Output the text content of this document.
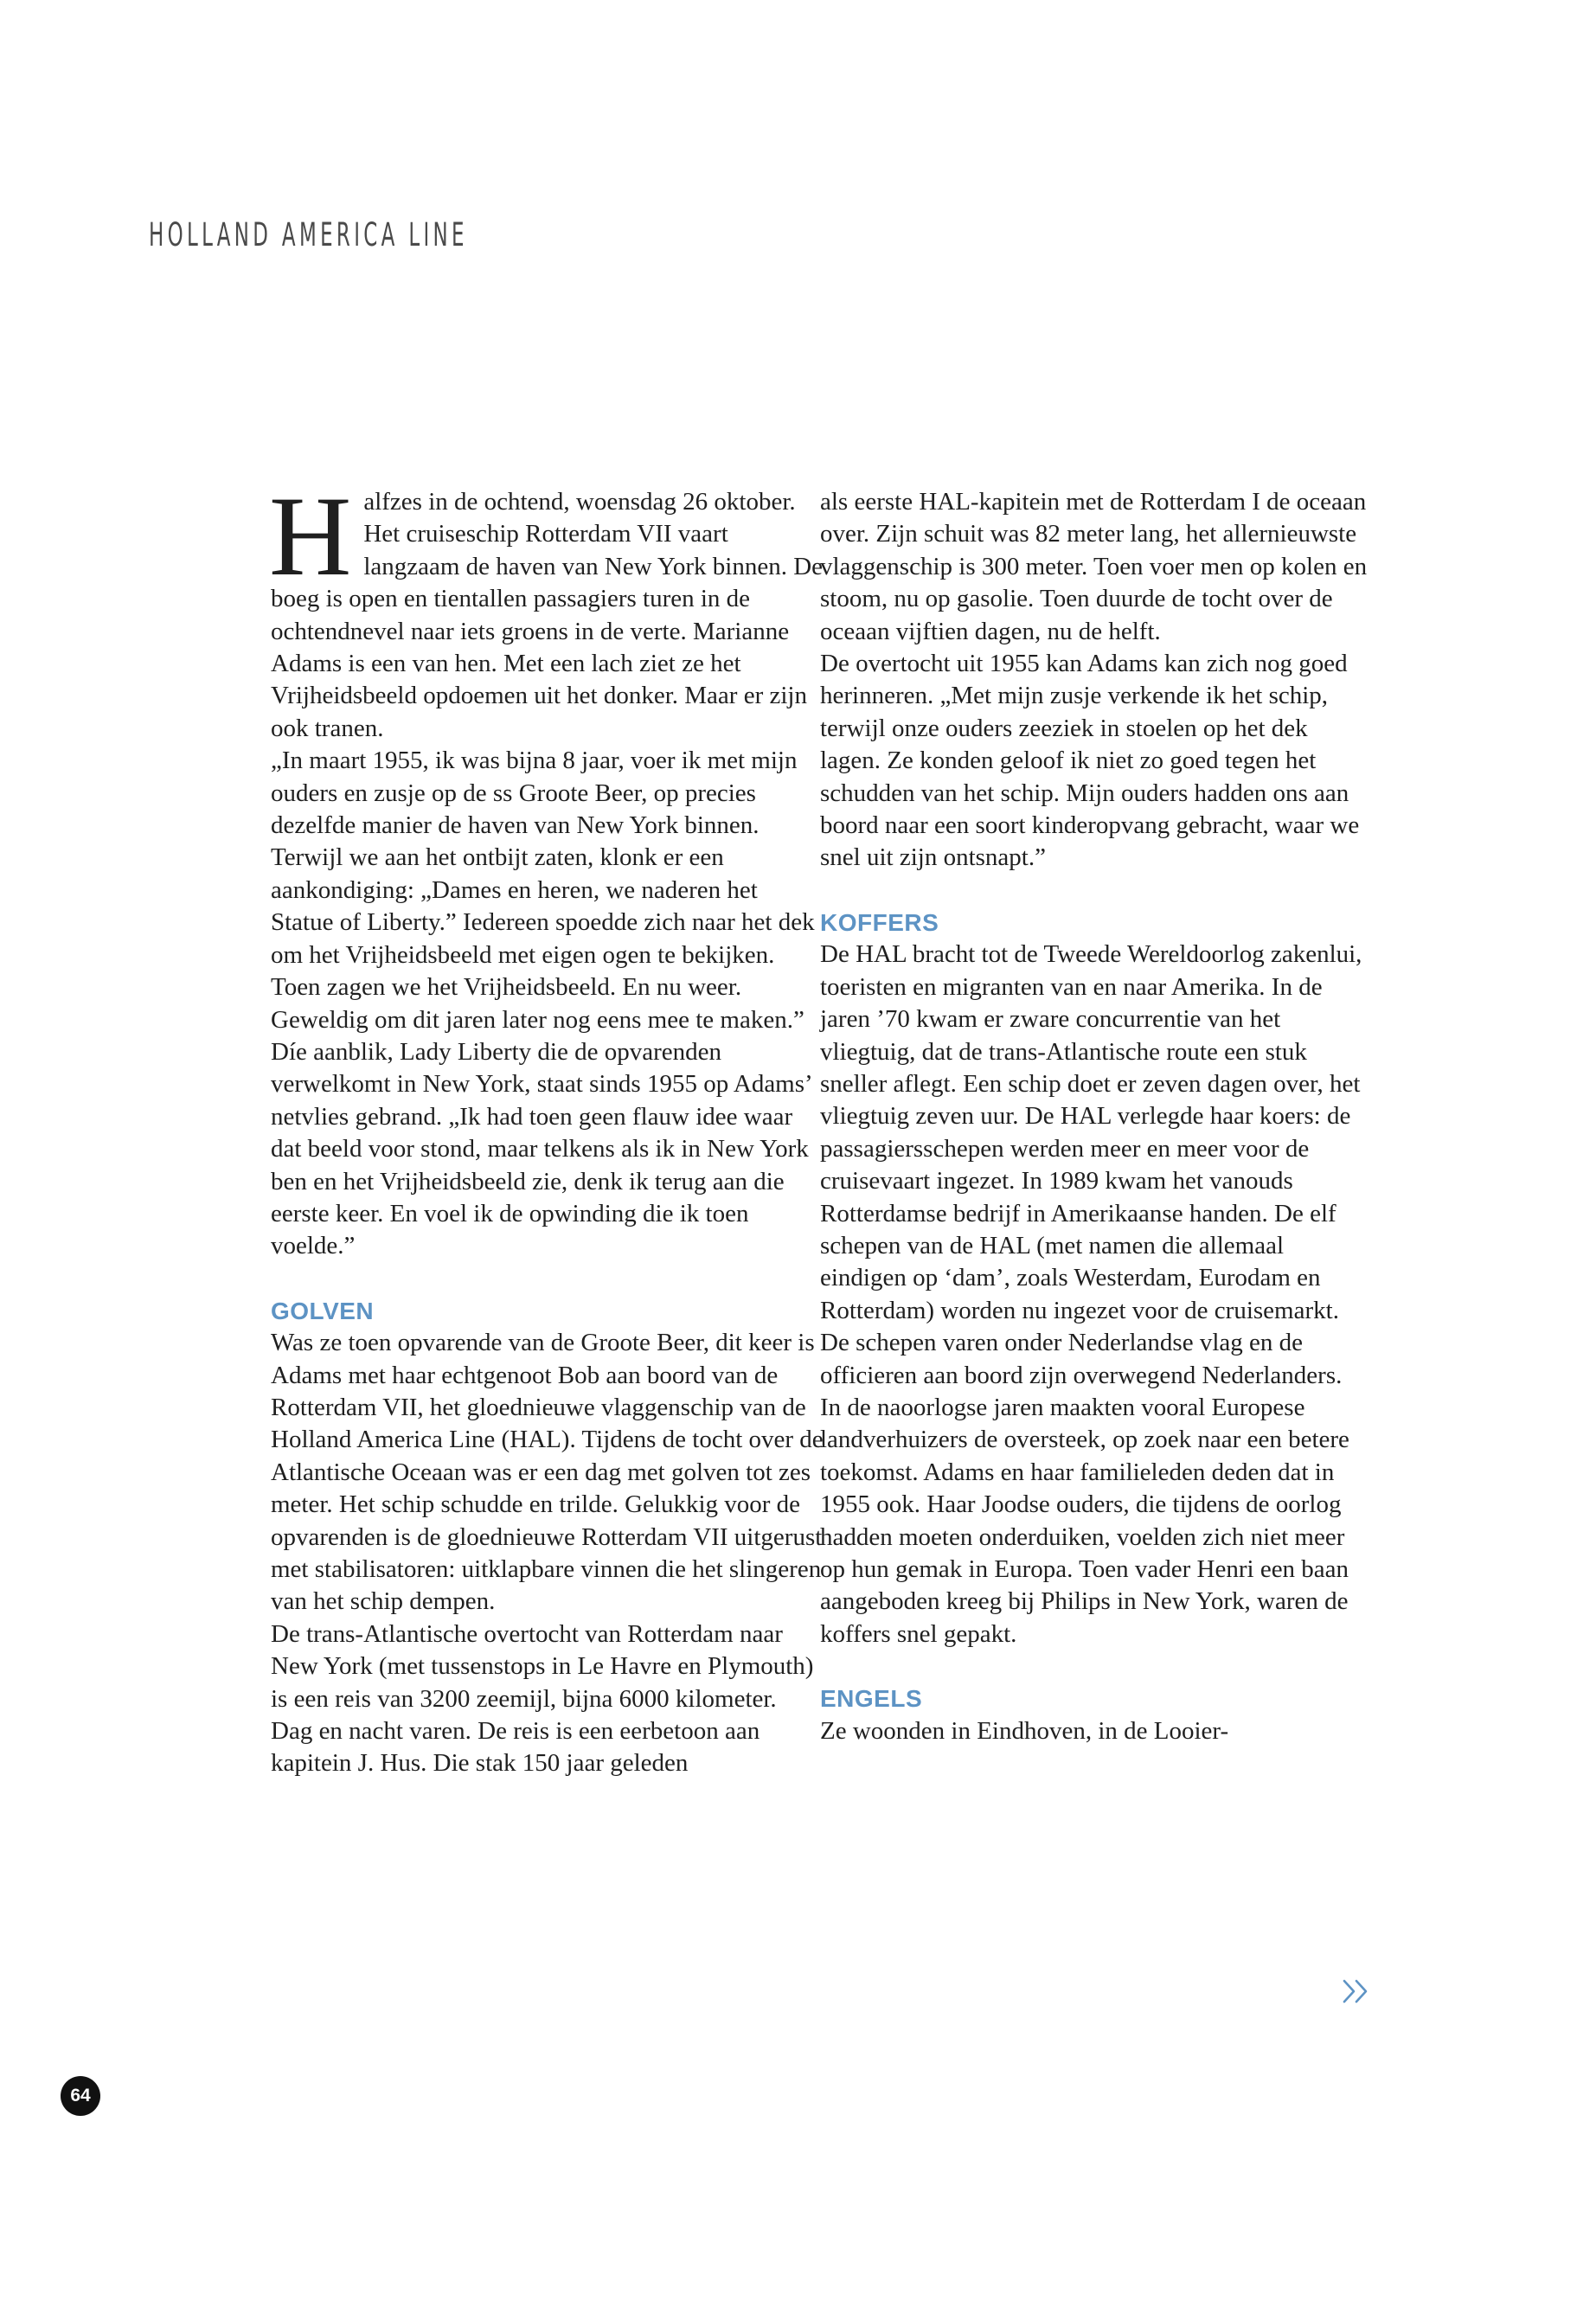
HOLLAND AMERICA LINE

Halfzes in de ochtend, woensdag 26 oktober. Het cruiseschip Rotterdam VII vaart langzaam de haven van New York binnen. De boeg is open en tientallen passagiers turen in de ochtendnevel naar iets groens in de verte. Marianne Adams is een van hen. Met een lach ziet ze het Vrijheidsbeeld opdoemen uit het donker. Maar er zijn ook tranen.

„In maart 1955, ik was bijna 8 jaar, voer ik met mijn ouders en zusje op de ss Groote Beer, op precies dezelfde manier de haven van New York binnen. Terwijl we aan het ontbijt zaten, klonk er een aankondiging: „Dames en heren, we naderen het Statue of Liberty.” Iedereen spoedde zich naar het dek om het Vrijheidsbeeld met eigen ogen te bekijken. Toen zagen we het Vrijheidsbeeld. En nu weer. Geweldig om dit jaren later nog eens mee te maken.”

Díe aanblik, Lady Liberty die de opvarenden verwelkomt in New York, staat sinds 1955 op Adams’ netvlies gebrand. „Ik had toen geen flauw idee waar dat beeld voor stond, maar telkens als ik in New York ben en het Vrijheidsbeeld zie, denk ik terug aan die eerste keer. En voel ik de opwinding die ik toen voelde.”

GOLVEN

Was ze toen opvarende van de Groote Beer, dit keer is Adams met haar echtgenoot Bob aan boord van de Rotterdam VII, het gloednieuwe vlaggenschip van de Holland America Line (HAL). Tijdens de tocht over de Atlantische Oceaan was er een dag met golven tot zes meter. Het schip schudde en trilde. Gelukkig voor de opvarenden is de gloednieuwe Rotterdam VII uitgerust met stabilisatoren: uitklapbare vinnen die het slingeren van het schip dempen.

De trans-Atlantische overtocht van Rotterdam naar New York (met tussenstops in Le Havre en Plymouth) is een reis van 3200 zeemijl, bijna 6000 kilometer. Dag en nacht varen. De reis is een eerbetoon aan kapitein J. Hus. Die stak 150 jaar geleden

als eerste HAL-kapitein met de Rotterdam I de oceaan over. Zijn schuit was 82 meter lang, het allernieuwste vlaggenschip is 300 meter. Toen voer men op kolen en stoom, nu op gasolie. Toen duurde de tocht over de oceaan vijftien dagen, nu de helft.

De overtocht uit 1955 kan Adams kan zich nog goed herinneren. „Met mijn zusje verkende ik het schip, terwijl onze ouders zeeziek in stoelen op het dek lagen. Ze konden geloof ik niet zo goed tegen het schudden van het schip. Mijn ouders hadden ons aan boord naar een soort kinderopvang gebracht, waar we snel uit zijn ontsnapt.”

KOFFERS

De HAL bracht tot de Tweede Wereldoorlog zakenlui, toeristen en migranten van en naar Amerika. In de jaren ’70 kwam er zware concurrentie van het vliegtuig, dat de trans-Atlantische route een stuk sneller aflegt. Een schip doet er zeven dagen over, het vliegtuig zeven uur. De HAL verlegde haar koers: de passagiersschepen werden meer en meer voor de cruisevaart ingezet. In 1989 kwam het vanouds Rotterdamse bedrijf in Amerikaanse handen. De elf schepen van de HAL (met namen die allemaal eindigen op ‘dam’, zoals Westerdam, Eurodam en Rotterdam) worden nu ingezet voor de cruisemarkt.

De schepen varen onder Nederlandse vlag en de officieren aan boord zijn overwegend Nederlanders.

In de naoorlogse jaren maakten vooral Europese landverhuizers de oversteek, op zoek naar een betere toekomst. Adams en haar familieleden deden dat in 1955 ook. Haar Joodse ouders, die tijdens de oorlog hadden moeten onderduiken, voelden zich niet meer op hun gemak in Europa. Toen vader Henri een baan aangeboden kreeg bij Philips in New York, waren de koffers snel gepakt.

ENGELS

Ze woonden in Eindhoven, in de Looier-

64
